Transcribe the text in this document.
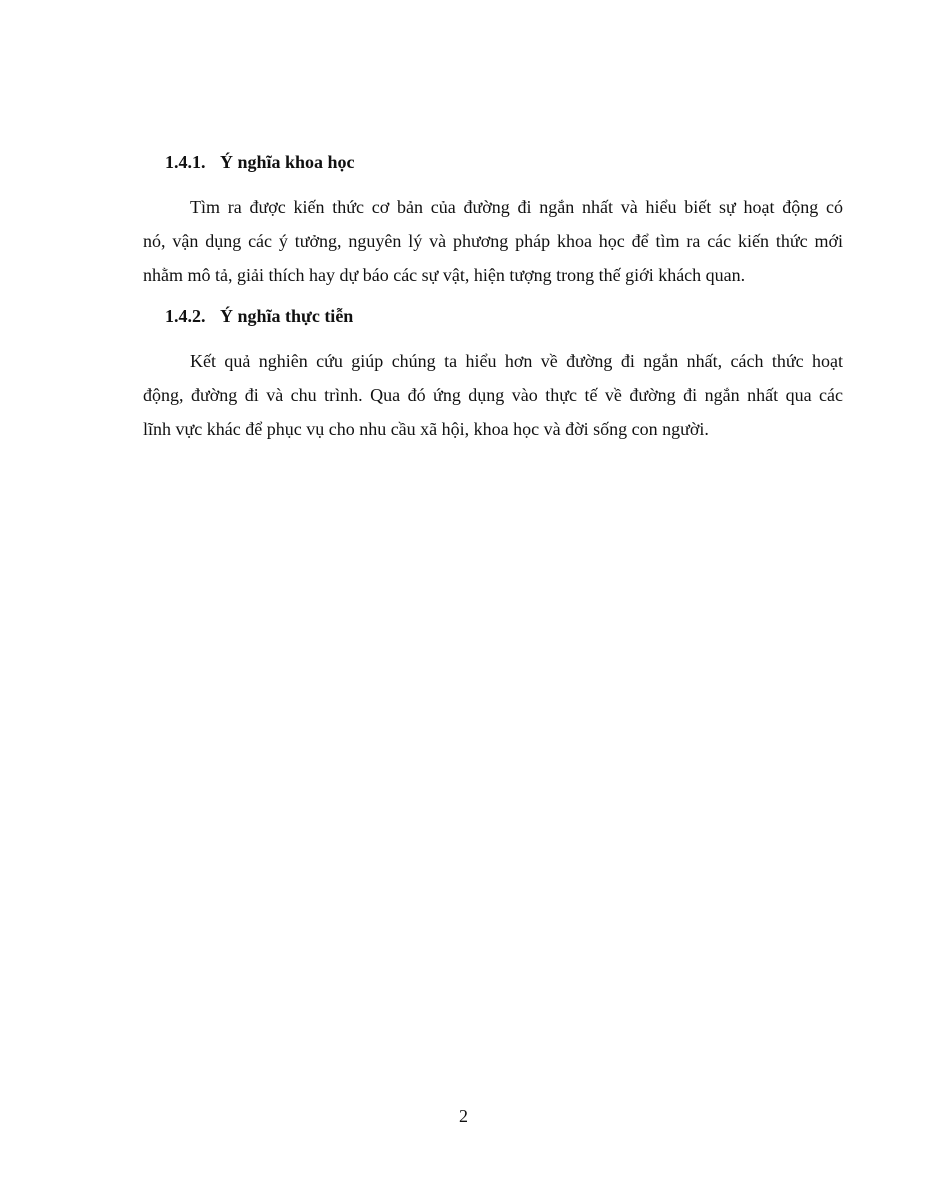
1.4.1. Ý nghĩa khoa học

Tìm ra được kiến thức cơ bản của đường đi ngắn nhất và hiểu biết sự hoạt động có
nó, vận dụng các ý tưởng, nguyên lý và phương pháp khoa học để tìm ra các kiến thức mới
nhằm mô tả, giải thích hay dự báo các sự vật, hiện tượng trong thế giới khách quan.

1.4.2. Ý nghĩa thực tiễn

Kết quả nghiên cứu giúp chúng ta hiểu hơn về đường đi ngắn nhất, cách thức hoạt
động, đường đi và chu trình. Qua đó ứng dụng vào thực tế về đường đi ngắn nhất qua các
lĩnh vực khác để phục vụ cho nhu cầu xã hội, khoa học và đời sống con người.

2
